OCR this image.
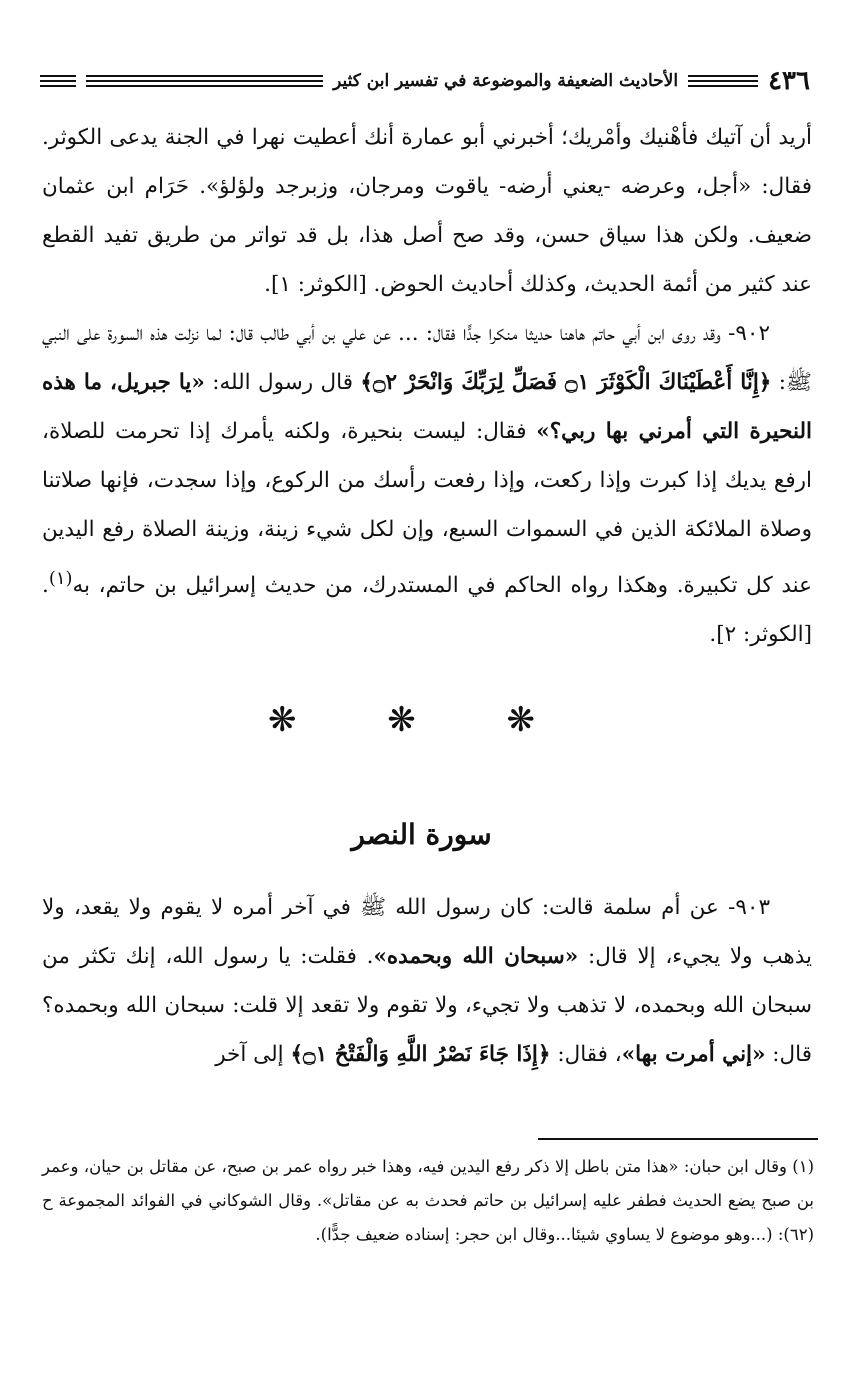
٤٣٦
الأحاديث الضعيفة والموضوعة في تفسير ابن كثير

أريد أن آتيك فأهْنيك وأمْريك؛ أخبرني أبو عمارة أنك أعطيت نهرا في الجنة يدعى الكوثر. فقال: «أجل، وعرضه -يعني أرضه- ياقوت ومرجان، وزبرجد ولؤلؤ». حَرَام ابن عثمان ضعيف. ولكن هذا سياق حسن، وقد صح أصل هذا، بل قد تواتر من طريق تفيد القطع عند كثير من أئمة الحديث، وكذلك أحاديث الحوض. [الكوثر: ١].

٩٠٢- وقد روى ابن أبي حاتم هاهنا حديثا منكرا جدًّا فقال: ... عن علي بن أبي طالب قال: لما نزلت هذه السورة على النبي ﷺ: ﴿إِنَّا أَعْطَيْنَاكَ الْكَوْثَرَ ۝١ فَصَلِّ لِرَبِّكَ وَانْحَرْ ۝٢﴾ قال رسول الله: «يا جبريل، ما هذه النحيرة التي أمرني بها ربي؟» فقال: ليست بنحيرة، ولكنه يأمرك إذا تحرمت للصلاة، ارفع يديك إذا كبرت وإذا ركعت، وإذا رفعت رأسك من الركوع، وإذا سجدت، فإنها صلاتنا وصلاة الملائكة الذين في السموات السبع، وإن لكل شيء زينة، وزينة الصلاة رفع اليدين عند كل تكبيرة. وهكذا رواه الحاكم في المستدرك، من حديث إسرائيل بن حاتم، به$^{(١)}$. [الكوثر: ٢].

❋ ❋ ❋
سورة النصر

٩٠٣- عن أم سلمة قالت: كان رسول الله ﷺ في آخر أمره لا يقوم ولا يقعد، ولا يذهب ولا يجيء، إلا قال: «سبحان الله وبحمده». فقلت: يا رسول الله، إنك تكثر من سبحان الله وبحمده، لا تذهب ولا تجيء، ولا تقوم ولا تقعد إلا قلت: سبحان الله وبحمده؟ قال: «إني أمرت بها»، فقال: ﴿إِذَا جَاءَ نَصْرُ اللَّهِ وَالْفَتْحُ ۝١﴾ إلى آخر

(١) وقال ابن حبان: «هذا متن باطل إلا ذكر رفع اليدين فيه، وهذا خبر رواه عمر بن صبح، عن مقاتل بن حيان، وعمر بن صبح يضع الحديث فطفر عليه إسرائيل بن حاتم فحدث به عن مقاتل». وقال الشوكاني في الفوائد المجموعة ح (٦٢): (...وهو موضوع لا يساوي شيئا...وقال ابن حجر: إسناده ضعيف جدًّا).
